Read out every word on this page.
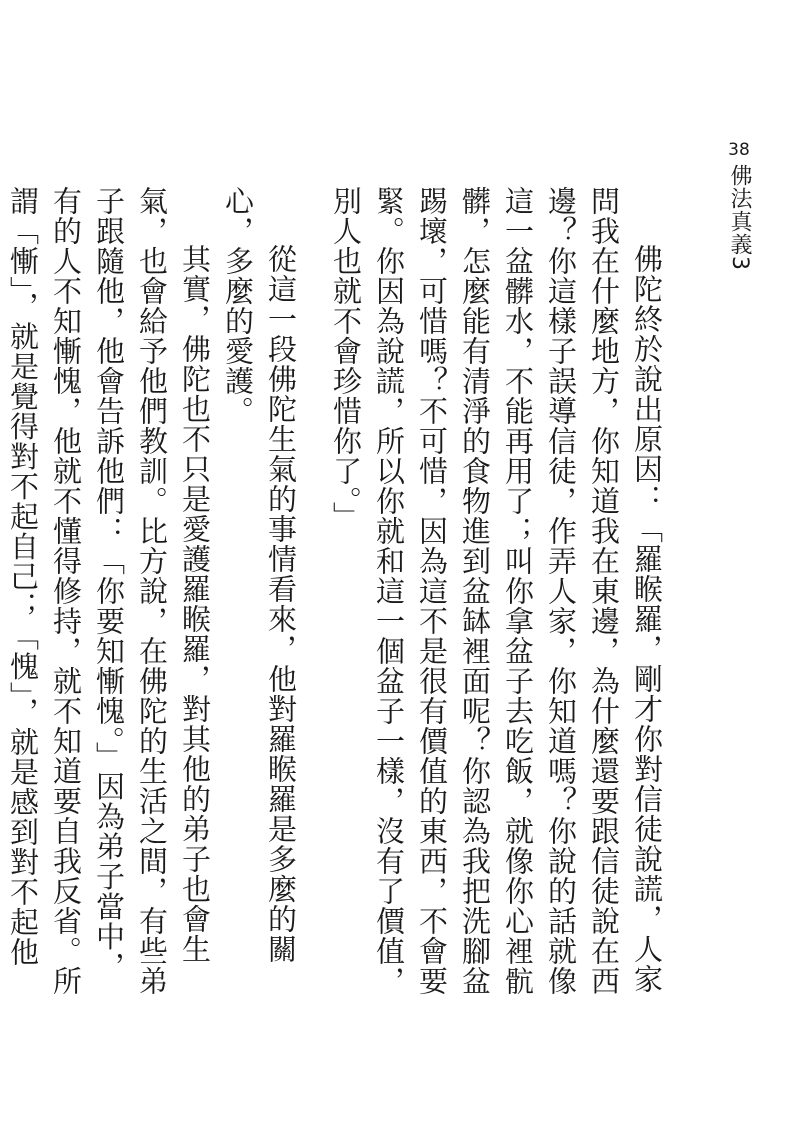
38
佛法真義3

佛陀終於說出原因：「羅睺羅，剛才你對信徒說謊，人家問我在什麼地方，你知道我在東邊，為什麼還要跟信徒說在西邊？你這樣子誤導信徒，作弄人家，你知道嗎？你說的話就像這一盆髒水，不能再用了；叫你拿盆子去吃飯，就像你心裡骯髒，怎麼能有清淨的食物進到盆缽裡面呢？你認為我把洗腳盆踢壞，可惜嗎？不可惜，因為這不是很有價值的東西，不會要緊。你因為說謊，所以你就和這一個盆子一樣，沒有了價值，別人也就不會珍惜你了。」

從這一段佛陀生氣的事情看來，他對羅睺羅是多麼的關心，多麼的愛護。

其實，佛陀也不只是愛護羅睺羅，對其他的弟子也會生氣，也會給予他們教訓。比方說，在佛陀的生活之間，有些弟子跟隨他，他會告訴他們：「你要知慚愧。」因為弟子當中，有的人不知慚愧，他就不懂得修持，就不知道要自我反省。所謂「慚」，就是覺得對不起自己；「愧」，就是感到對不起他
